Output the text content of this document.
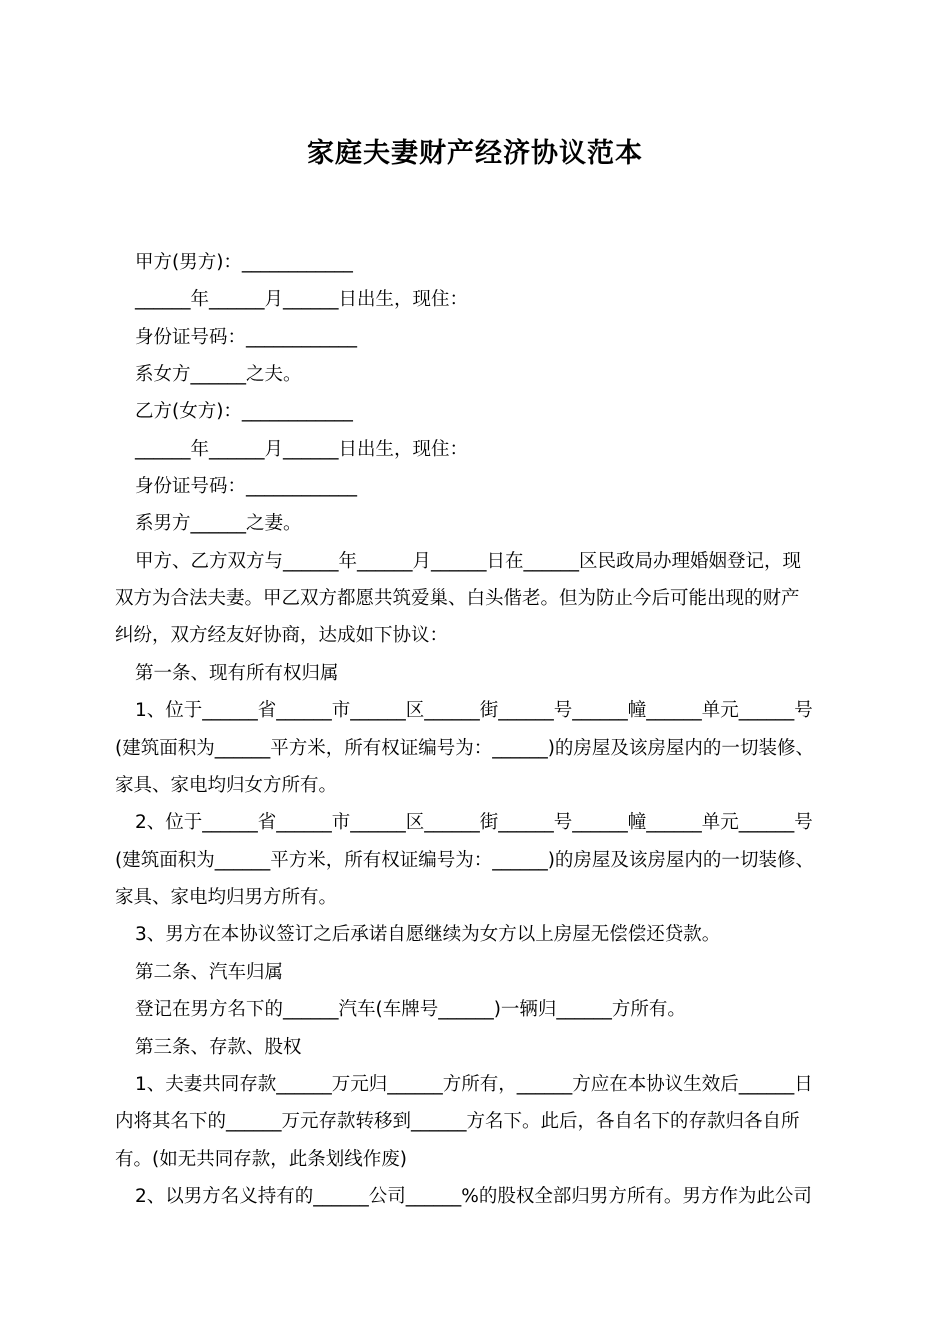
家庭夫妻财产经济协议范本
甲方(男方)：____________
______年______月______日出生，现住：
身份证号码：____________
系女方______之夫。
乙方(女方)：____________
______年______月______日出生，现住：
身份证号码：____________
系男方______之妻。
甲方、乙方双方与______年______月______日在______区民政局办理婚姻登记，现
双方为合法夫妻。甲乙双方都愿共筑爱巢、白头偕老。但为防止今后可能出现的财产
纠纷，双方经友好协商，达成如下协议：
第一条、现有所有权归属
1、位于______省______市______区______街______号______幢______单元______号
(建筑面积为______平方米，所有权证编号为：______)的房屋及该房屋内的一切装修、
家具、家电均归女方所有。
2、位于______省______市______区______街______号______幢______单元______号
(建筑面积为______平方米，所有权证编号为：______)的房屋及该房屋内的一切装修、
家具、家电均归男方所有。
3、男方在本协议签订之后承诺自愿继续为女方以上房屋无偿偿还贷款。
第二条、汽车归属
登记在男方名下的______汽车(车牌号______)一辆归______方所有。
第三条、存款、股权
1、夫妻共同存款______万元归______方所有，______方应在本协议生效后______日
内将其名下的______万元存款转移到______方名下。此后，各自名下的存款归各自所
有。(如无共同存款，此条划线作废)
2、以男方名义持有的______公司______%的股权全部归男方所有。男方作为此公司
